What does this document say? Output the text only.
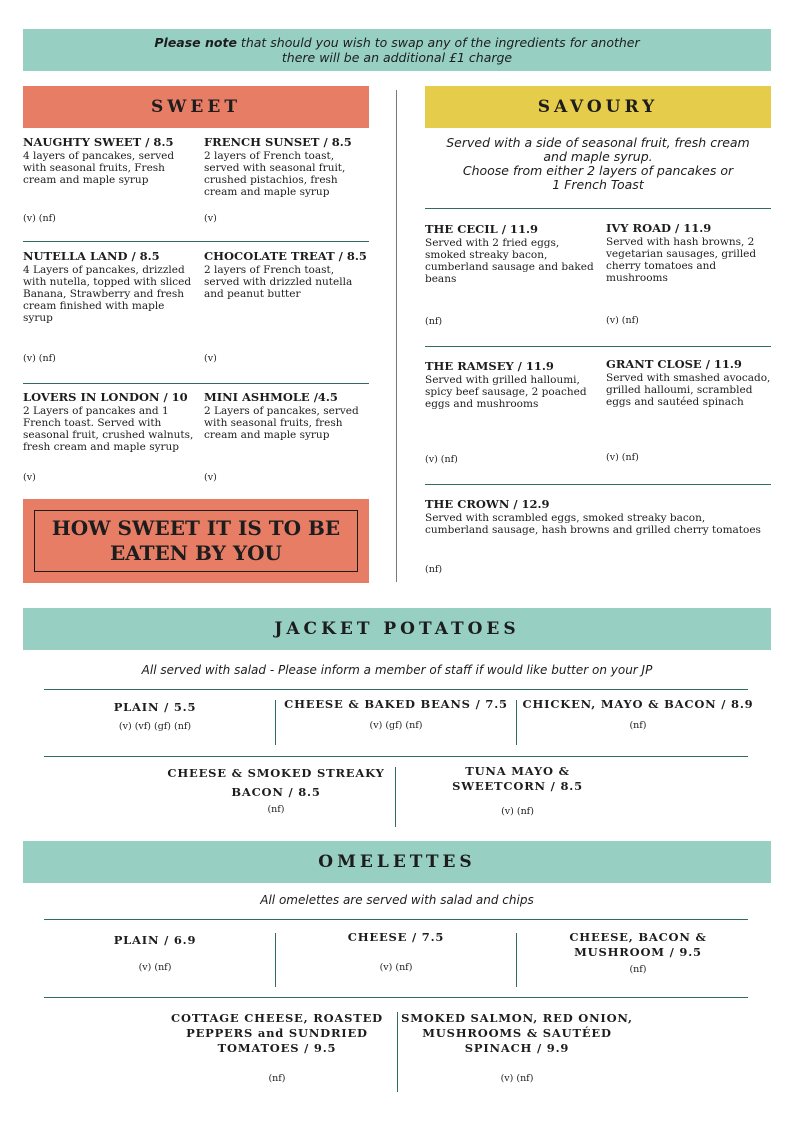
Please note that should you wish to swap any of the ingredients for another
there will be an additional £1 charge
SWEET	SAVOURY
NAUGHTY SWEET / 8.5
4 layers of pancakes, served with seasonal fruits, Fresh cream and maple syrup
(v) (nf)
FRENCH SUNSET / 8.5
2 layers of French toast, served with seasonal fruit, crushed pistachios, fresh cream and maple syrup
(v)
NUTELLA LAND / 8.5
4 Layers of pancakes, drizzled with nutella, topped with sliced Banana, Strawberry and fresh cream finished with maple syrup
(v) (nf)
CHOCOLATE TREAT / 8.5
2 layers of French toast, served with drizzled nutella and peanut butter
(v)
LOVERS IN LONDON / 10
2 Layers of pancakes and 1 French toast. Served with seasonal fruit, crushed walnuts, fresh cream and maple syrup
(v)
MINI ASHMOLE /4.5
2 Layers of pancakes, served with seasonal fruits, fresh cream and maple syrup
(v)
HOW SWEET IT IS TO BE
EATEN BY YOU
Served with a side of seasonal fruit, fresh cream
and maple syrup.
Choose from either 2 layers of pancakes or
1 French Toast
THE CECIL / 11.9
Served with 2 fried eggs, smoked streaky bacon, cumberland sausage and baked beans
(nf)
IVY ROAD / 11.9
Served with hash browns, 2 vegetarian sausages, grilled cherry tomatoes and mushrooms
(v) (nf)
THE RAMSEY / 11.9
Served with grilled halloumi, spicy beef sausage, 2 poached eggs and mushrooms
(v) (nf)
GRANT CLOSE / 11.9
Served with smashed avocado, grilled halloumi, scrambled eggs and sautéed spinach
(v) (nf)
THE CROWN / 12.9
Served with scrambled eggs, smoked streaky bacon, cumberland sausage, hash browns and grilled cherry tomatoes
(nf)
JACKET POTATOES
All served with salad - Please inform a member of staff if would like butter on your JP
PLAIN / 5.5
(v) (vf) (gf) (nf)
CHEESE & BAKED BEANS / 7.5
(v) (gf) (nf)
CHICKEN, MAYO & BACON / 8.9
(nf)
CHEESE & SMOKED STREAKY
BACON / 8.5
(nf)
TUNA MAYO &
SWEETCORN / 8.5
(v) (nf)
OMELETTES
All omelettes are served with salad and chips
PLAIN / 6.9
(v) (nf)
CHEESE / 7.5
(v) (nf)
CHEESE, BACON &
MUSHROOM / 9.5
(nf)
COTTAGE CHEESE, ROASTED
PEPPERS and SUNDRIED
TOMATOES / 9.5
(nf)
SMOKED SALMON, RED ONION,
MUSHROOMS & SAUTÉED
SPINACH / 9.9
(v) (nf)
